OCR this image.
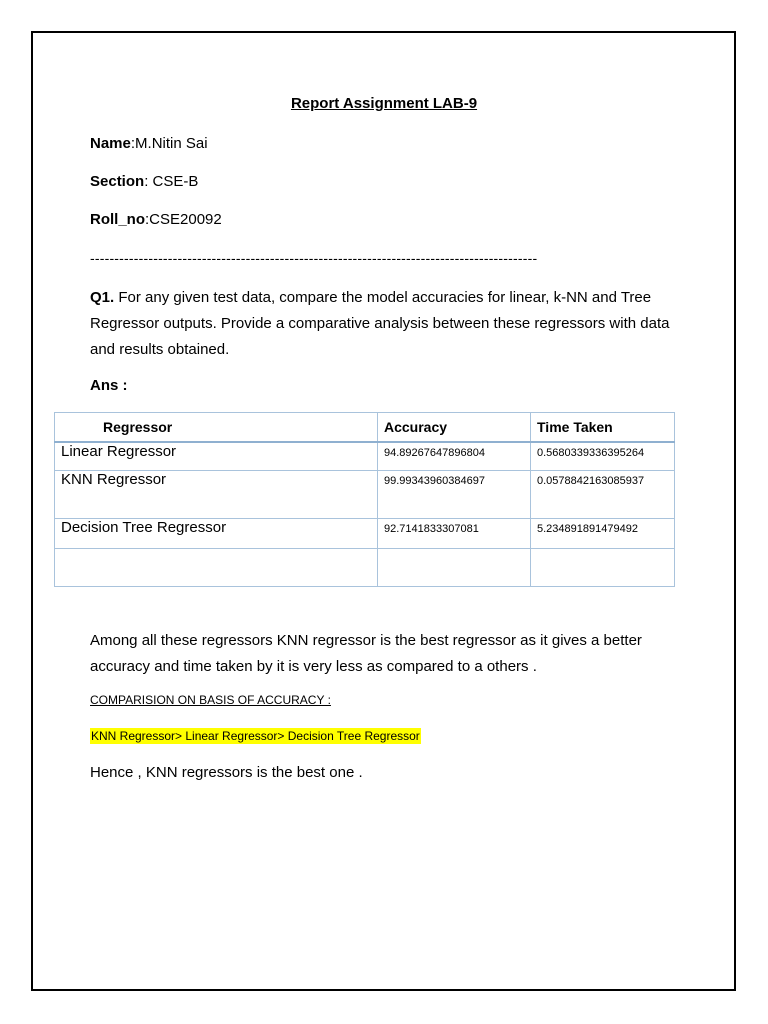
Report Assignment LAB-9
Name:M.Nitin Sai
Section: CSE-B
Roll_no:CSE20092
--------------------------------------------------------------------------------------------
Q1. For any given test data, compare the model accuracies for linear, k-NN and Tree Regressor outputs. Provide a comparative analysis between these regressors with data and results obtained.
Ans :
Regressor	Accuracy	Time Taken
Linear Regressor	94.89267647896804	0.5680339336395264
KNN Regressor	99.99343960384697	0.0578842163085937
Decision Tree Regressor	92.7141833307081	5.234891891479492

Among all these regressors KNN regressor is the best regressor as it gives a better accuracy and time taken by it is very less as compared to a others .
COMPARISION ON BASIS OF ACCURACY :
KNN Regressor> Linear Regressor> Decision Tree Regressor
Hence , KNN regressors is the best one .
